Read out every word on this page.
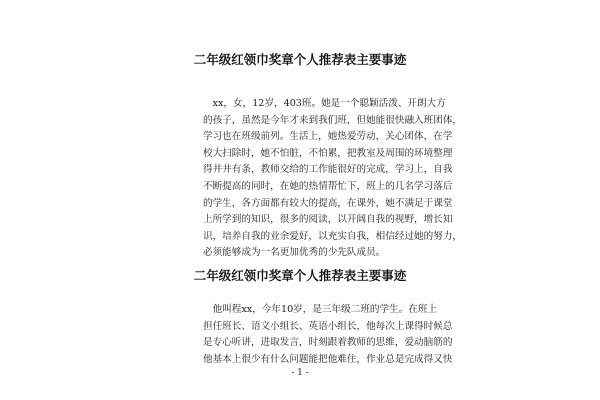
二年级红领巾奖章个人推荐表主要事迹
　xx，女，12岁，403班。她是一个聪颖活泼、开朗大方
的孩子，虽然是今年才来到我们班，但她能很快融入班团体，
学习也在班级前列。生活上，她热爱劳动，关心团体，在学
校大扫除时，她不怕脏，不怕累，把教室及周围的环境整理
得井井有条，教师交给的工作能很好的完成，学习上，自我
不断提高的同时，在她的热情帮忙下，班上的几名学习落后
的学生，各方面都有较大的提高，在课外，她不满足于课堂
上所学到的知识，很多的阅读，以开阔自我的视野，增长知
识，培养自我的业余爱好，以充实自我，相信经过她的努力，
必须能够成为一名更加优秀的少先队成员。
二年级红领巾奖章个人推荐表主要事迹
　他叫程xx，今年10岁，是三年级二班的学生。在班上
担任班长、语文小组长、英语小组长，他每次上课得时候总
是专心听讲，进取发言，时刻跟着教师的思维，爱动脑筋的
他基本上很少有什么问题能把他难住，作业总是完成得又快
- 1 -
